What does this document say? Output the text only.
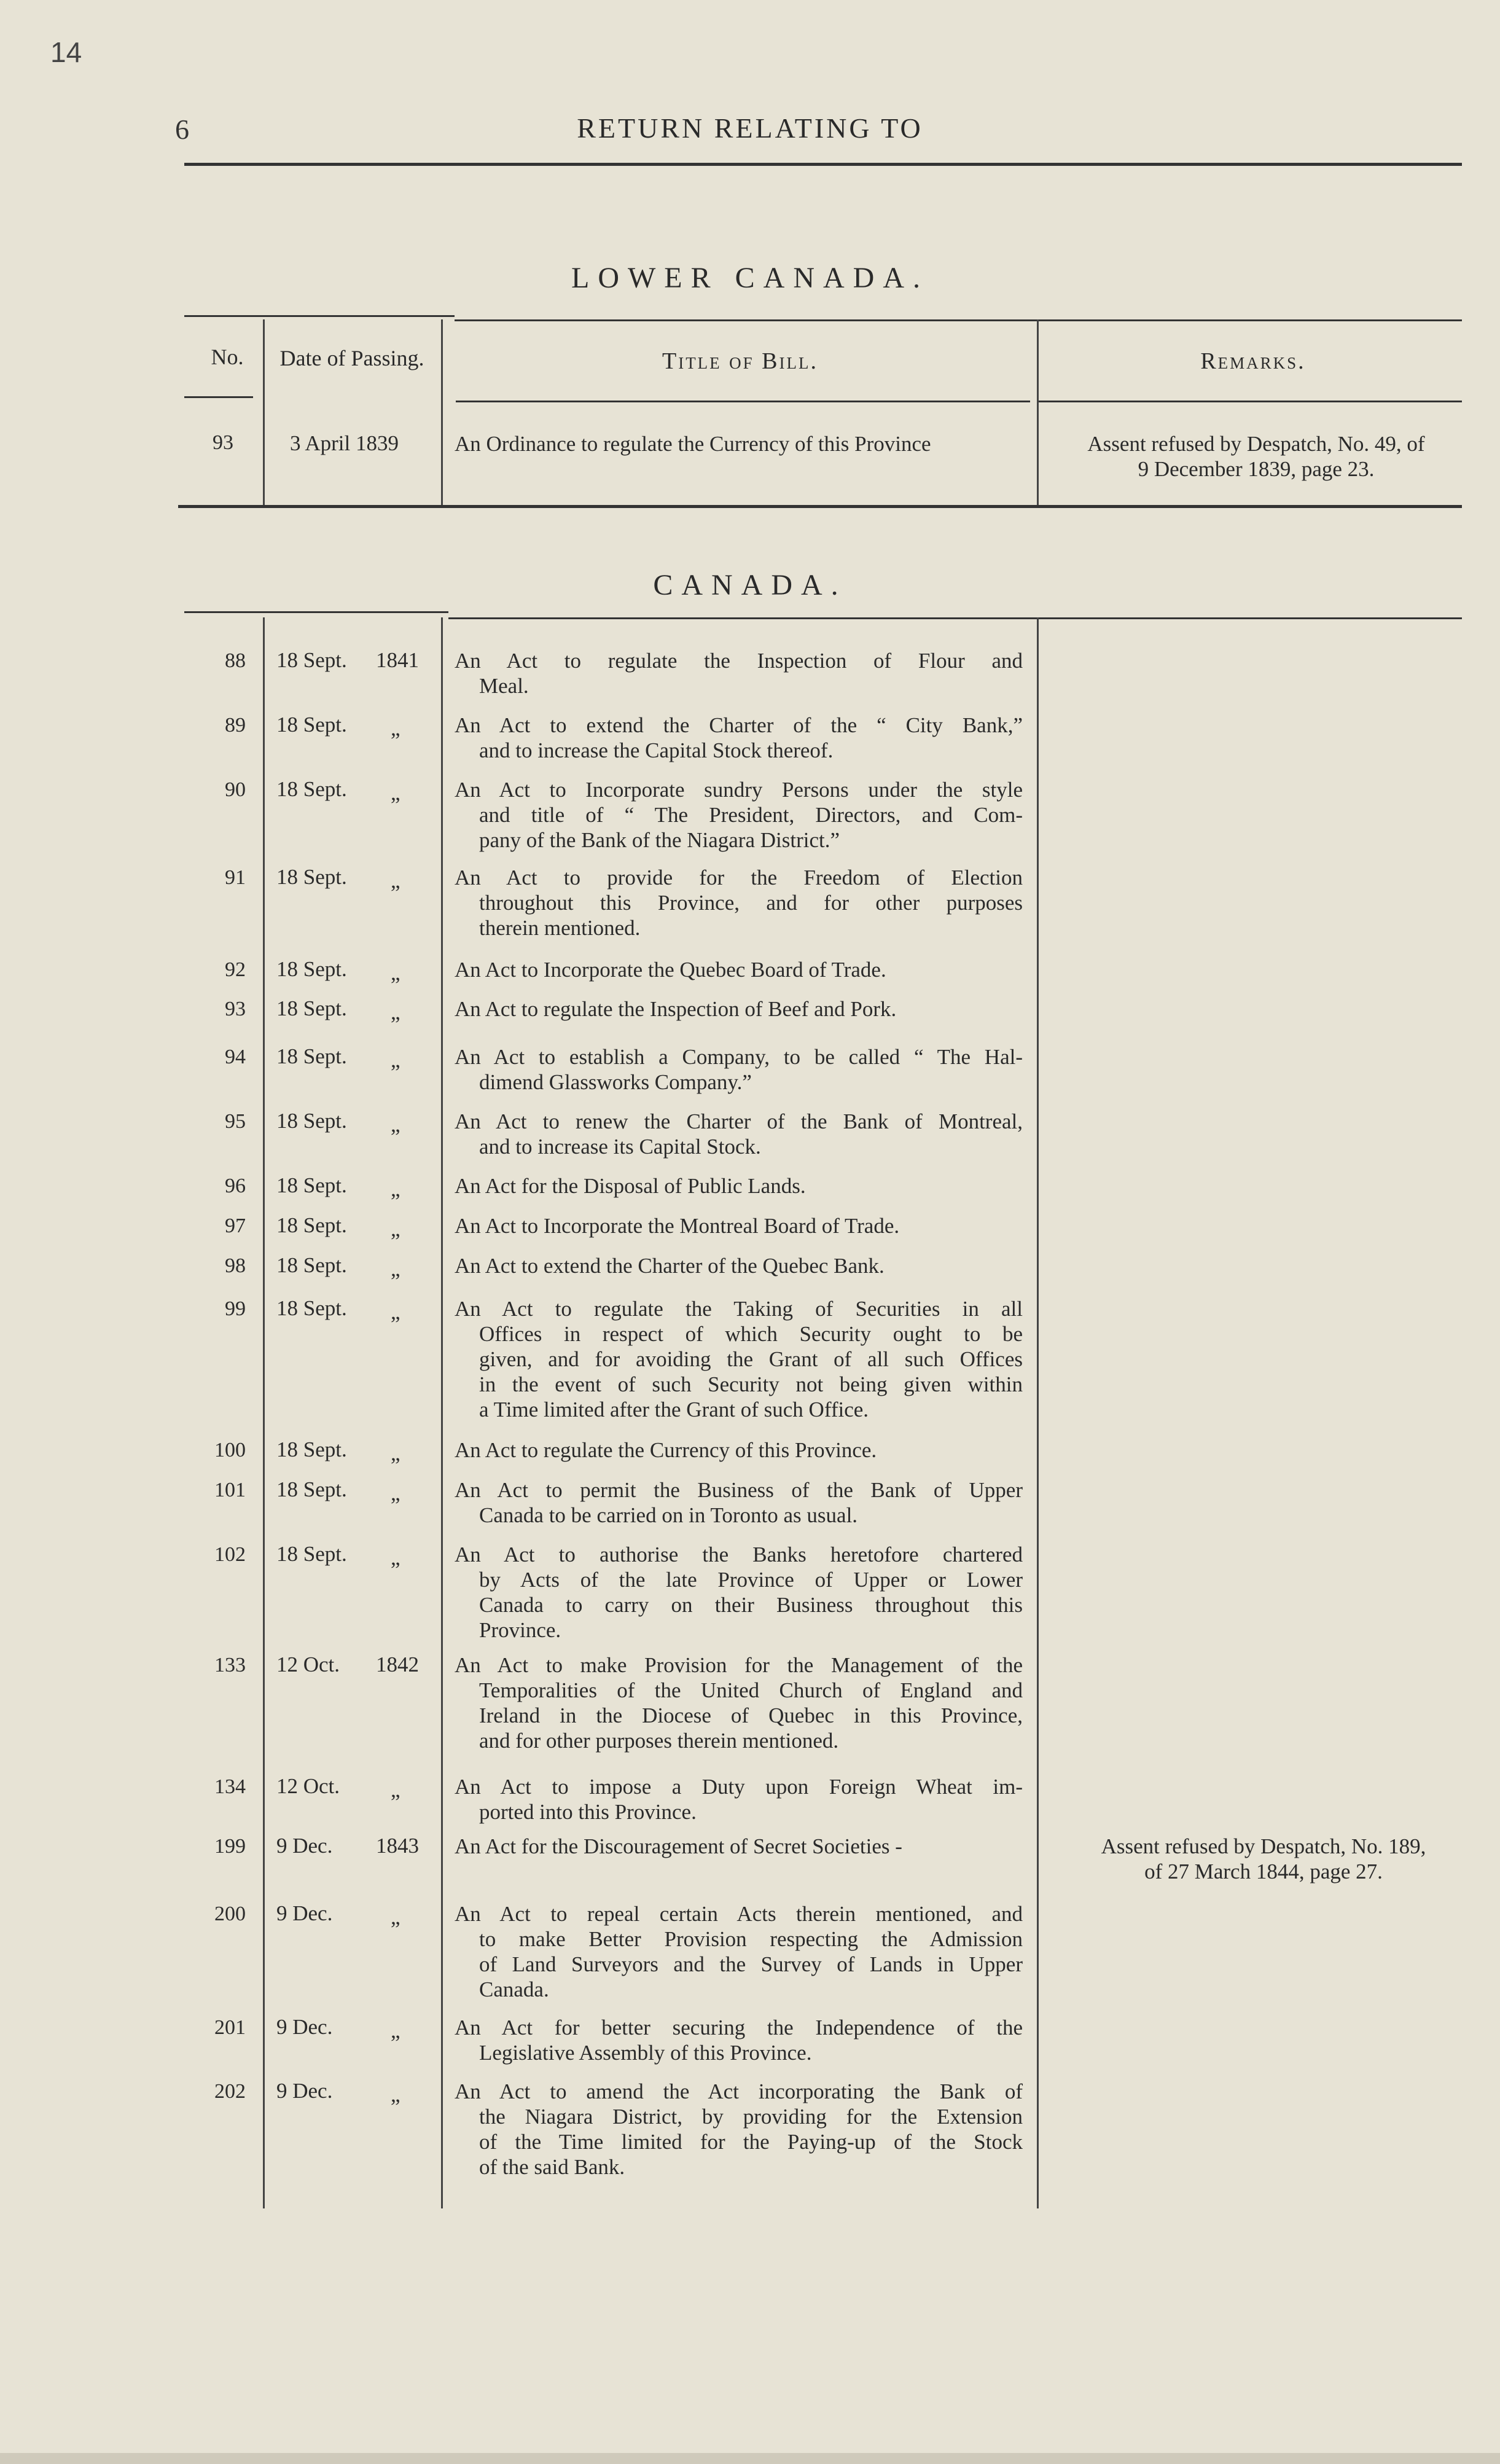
14
6	RETURN RELATING TO
LOWER CANADA.
No.	Date of Passing.	Title of Bill.	Remarks.
93	3 April 1839	An Ordinance to regulate the Currency of this Province	Assent refused by Despatch, No. 49, of
9 December 1839, page 23.
CANADA.
88 18 Sept. 1841 An Act to regulate the Inspection of Flour and
Meal.
89 18 Sept. „	An Act to extend the Charter of the “ City Bank,”
and to increase the Capital Stock thereof.
90 18 Sept. „	An Act to Incorporate sundry Persons under the style
and title of “ The President, Directors, and Com-
pany of the Bank of the Niagara District.”
91 18 Sept. „	An Act to provide for the Freedom of Election
throughout this Province, and for other purposes
therein mentioned.
92 18 Sept. „	An Act to Incorporate the Quebec Board of Trade.
93 18 Sept. „	An Act to regulate the Inspection of Beef and Pork.
94 18 Sept. „	An Act to establish a Company, to be called “ The Hal-
dimend Glassworks Company.”
95 18 Sept. „	An Act to renew the Charter of the Bank of Montreal,
and to increase its Capital Stock.
96 18 Sept. „	An Act for the Disposal of Public Lands.
97 18 Sept. „	An Act to Incorporate the Montreal Board of Trade.
98 18 Sept. „	An Act to extend the Charter of the Quebec Bank.
99 18 Sept. „	An Act to regulate the Taking of Securities in all
Offices in respect of which Security ought to be
given, and for avoiding the Grant of all such Offices
in the event of such Security not being given within
a Time limited after the Grant of such Office.
100 18 Sept. „	An Act to regulate the Currency of this Province.
101 18 Sept. „	An Act to permit the Business of the Bank of Upper
Canada to be carried on in Toronto as usual.
102 18 Sept. „	An Act to authorise the Banks heretofore chartered
by Acts of the late Province of Upper or Lower
Canada to carry on their Business throughout this
Province.
133 12 Oct. 1842 An Act to make Provision for the Management of the
Temporalities of the United Church of England and
Ireland in the Diocese of Quebec in this Province,
and for other purposes therein mentioned.
134 12 Oct. „	An Act to impose a Duty upon Foreign Wheat im-
ported into this Province.
199 9 Dec. 1843 An Act for the Discouragement of Secret Societies -	Assent refused by Despatch, No. 189,
of 27 March 1844, page 27.
200 9 Dec.	„	An Act to repeal certain Acts therein mentioned, and
to make Better Provision respecting the Admission
of Land Surveyors and the Survey of Lands in Upper
Canada.
201 9 Dec.	„	An Act for better securing the Independence of the
Legislative Assembly of this Province.
202 9 Dec.	„	An Act to amend the Act incorporating the Bank of
the Niagara District, by providing for the Extension
of the Time limited for the Paying-up of the Stock
of the said Bank.
